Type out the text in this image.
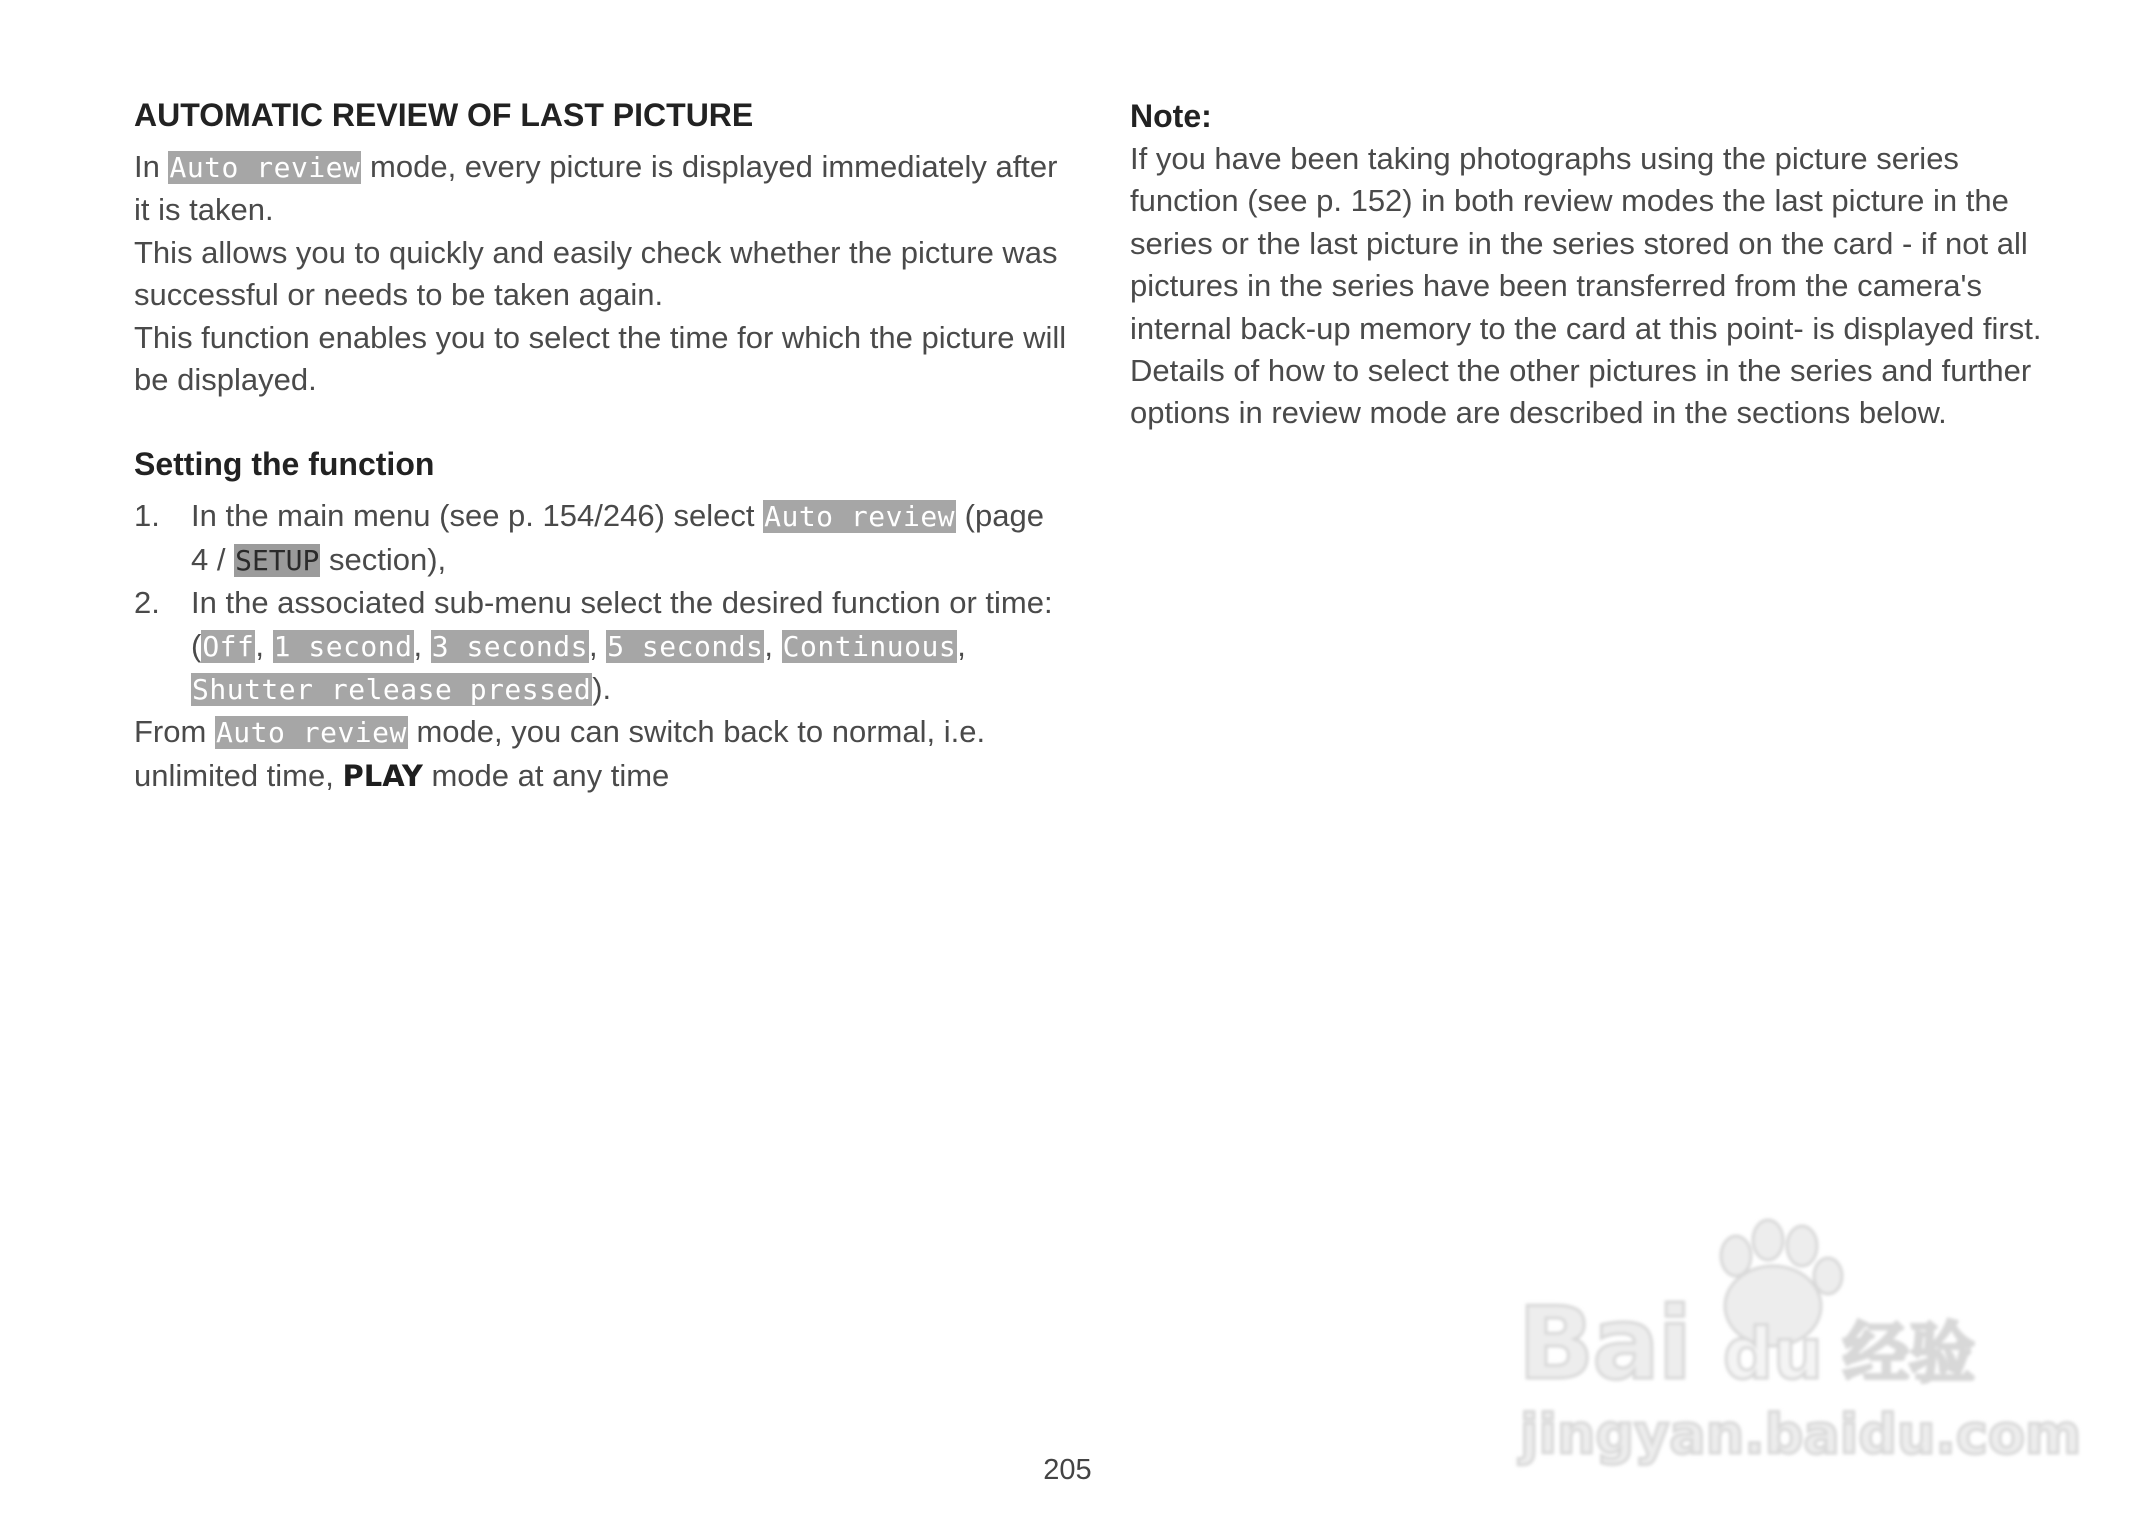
AUTOMATIC REVIEW OF LAST PICTURE

In Auto review mode, every picture is displayed immediately after it is taken.

This allows you to quickly and easily check whether the picture was successful or needs to be taken again.

This function enables you to select the time for which the picture will be displayed.

Setting the function
1. In the main menu (see p. 154/246) select Auto review (page 4 / SETUP section),
2. In the associated sub-menu select the desired function or time: (Off, 1 second, 3 seconds, 5 seconds, Continuous, Shutter release pressed).

From Auto review mode, you can switch back to normal, i.e. unlimited time, PLAY mode at any time

Note:

If you have been taking photographs using the picture series function (see p. 152) in both review modes the last picture in the series or the last picture in the series stored on the card - if not all pictures in the series have been transferred from the camera's internal back-up memory to the card at this point- is displayed first. Details of how to select the other pictures in the series and further options in review mode are described in the sections below.

205
Bai du 经验
jingyan.baidu.com
